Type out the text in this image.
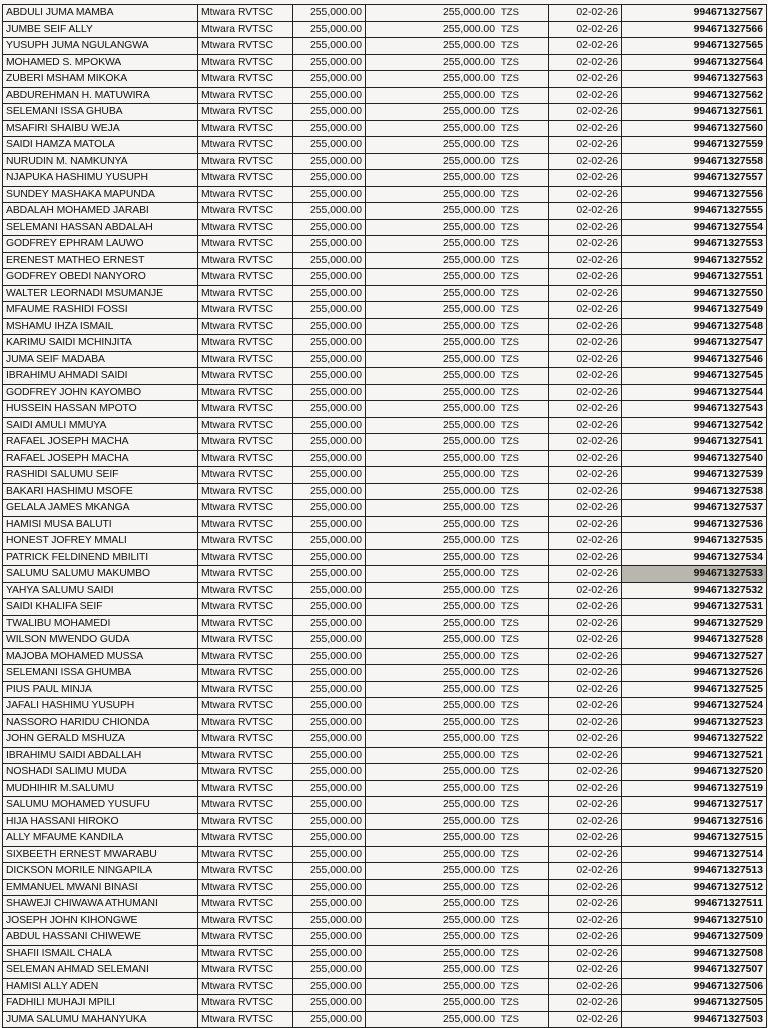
ABDULI JUMA MAMBA	Mtwara RVTSC	255,000.00	255,000.00	TZS	02-02-26	994671327567
JUMBE SEIF ALLY	Mtwara RVTSC	255,000.00	255,000.00	TZS	02-02-26	994671327566
YUSUPH JUMA NGULANGWA	Mtwara RVTSC	255,000.00	255,000.00	TZS	02-02-26	994671327565
MOHAMED S. MPOKWA	Mtwara RVTSC	255,000.00	255,000.00	TZS	02-02-26	994671327564
ZUBERI MSHAM MIKOKA	Mtwara RVTSC	255,000.00	255,000.00	TZS	02-02-26	994671327563
ABDUREHMAN H. MATUWIRA	Mtwara RVTSC	255,000.00	255,000.00	TZS	02-02-26	994671327562
SELEMANI ISSA GHUBA	Mtwara RVTSC	255,000.00	255,000.00	TZS	02-02-26	994671327561
MSAFIRI SHAIBU WEJA	Mtwara RVTSC	255,000.00	255,000.00	TZS	02-02-26	994671327560
SAIDI HAMZA MATOLA	Mtwara RVTSC	255,000.00	255,000.00	TZS	02-02-26	994671327559
NURUDIN M. NAMKUNYA	Mtwara RVTSC	255,000.00	255,000.00	TZS	02-02-26	994671327558
NJAPUKA HASHIMU YUSUPH	Mtwara RVTSC	255,000.00	255,000.00	TZS	02-02-26	994671327557
SUNDEY MASHAKA MAPUNDA	Mtwara RVTSC	255,000.00	255,000.00	TZS	02-02-26	994671327556
ABDALAH MOHAMED JARABI	Mtwara RVTSC	255,000.00	255,000.00	TZS	02-02-26	994671327555
SELEMANI HASSAN ABDALAH	Mtwara RVTSC	255,000.00	255,000.00	TZS	02-02-26	994671327554
GODFREY EPHRAM LAUWO	Mtwara RVTSC	255,000.00	255,000.00	TZS	02-02-26	994671327553
ERENEST MATHEO ERNEST	Mtwara RVTSC	255,000.00	255,000.00	TZS	02-02-26	994671327552
GODFREY OBEDI NANYORO	Mtwara RVTSC	255,000.00	255,000.00	TZS	02-02-26	994671327551
WALTER LEORNADI MSUMANJE	Mtwara RVTSC	255,000.00	255,000.00	TZS	02-02-26	994671327550
MFAUME RASHIDI FOSSI	Mtwara RVTSC	255,000.00	255,000.00	TZS	02-02-26	994671327549
MSHAMU IHZA ISMAIL	Mtwara RVTSC	255,000.00	255,000.00	TZS	02-02-26	994671327548
KARIMU SAIDI MCHINJITA	Mtwara RVTSC	255,000.00	255,000.00	TZS	02-02-26	994671327547
JUMA SEIF MADABA	Mtwara RVTSC	255,000.00	255,000.00	TZS	02-02-26	994671327546
IBRAHIMU AHMADI SAIDI	Mtwara RVTSC	255,000.00	255,000.00	TZS	02-02-26	994671327545
GODFREY JOHN KAYOMBO	Mtwara RVTSC	255,000.00	255,000.00	TZS	02-02-26	994671327544
HUSSEIN HASSAN MPOTO	Mtwara RVTSC	255,000.00	255,000.00	TZS	02-02-26	994671327543
SAIDI AMULI MMUYA	Mtwara RVTSC	255,000.00	255,000.00	TZS	02-02-26	994671327542
RAFAEL JOSEPH MACHA	Mtwara RVTSC	255,000.00	255,000.00	TZS	02-02-26	994671327541
RAFAEL JOSEPH MACHA	Mtwara RVTSC	255,000.00	255,000.00	TZS	02-02-26	994671327540
RASHIDI SALUMU SEIF	Mtwara RVTSC	255,000.00	255,000.00	TZS	02-02-26	994671327539
BAKARI HASHIMU MSOFE	Mtwara RVTSC	255,000.00	255,000.00	TZS	02-02-26	994671327538
GELALA JAMES MKANGA	Mtwara RVTSC	255,000.00	255,000.00	TZS	02-02-26	994671327537
HAMISI MUSA BALUTI	Mtwara RVTSC	255,000.00	255,000.00	TZS	02-02-26	994671327536
HONEST JOFREY MMALI	Mtwara RVTSC	255,000.00	255,000.00	TZS	02-02-26	994671327535
PATRICK FELDINEND MBILITI	Mtwara RVTSC	255,000.00	255,000.00	TZS	02-02-26	994671327534
SALUMU SALUMU MAKUMBO	Mtwara RVTSC	255,000.00	255,000.00	TZS	02-02-26	994671327533
YAHYA SALUMU SAIDI	Mtwara RVTSC	255,000.00	255,000.00	TZS	02-02-26	994671327532
SAIDI KHALIFA SEIF	Mtwara RVTSC	255,000.00	255,000.00	TZS	02-02-26	994671327531
TWALIBU MOHAMEDI	Mtwara RVTSC	255,000.00	255,000.00	TZS	02-02-26	994671327529
WILSON MWENDO GUDA	Mtwara RVTSC	255,000.00	255,000.00	TZS	02-02-26	994671327528
MAJOBA MOHAMED MUSSA	Mtwara RVTSC	255,000.00	255,000.00	TZS	02-02-26	994671327527
SELEMANI ISSA GHUMBA	Mtwara RVTSC	255,000.00	255,000.00	TZS	02-02-26	994671327526
PIUS PAUL MINJA	Mtwara RVTSC	255,000.00	255,000.00	TZS	02-02-26	994671327525
JAFALI HASHIMU YUSUPH	Mtwara RVTSC	255,000.00	255,000.00	TZS	02-02-26	994671327524
NASSORO HARIDU CHIONDA	Mtwara RVTSC	255,000.00	255,000.00	TZS	02-02-26	994671327523
JOHN GERALD MSHUZA	Mtwara RVTSC	255,000.00	255,000.00	TZS	02-02-26	994671327522
IBRAHIMU SAIDI ABDALLAH	Mtwara RVTSC	255,000.00	255,000.00	TZS	02-02-26	994671327521
NOSHADI SALIMU MUDA	Mtwara RVTSC	255,000.00	255,000.00	TZS	02-02-26	994671327520
MUDHIHIR M.SALUMU	Mtwara RVTSC	255,000.00	255,000.00	TZS	02-02-26	994671327519
SALUMU MOHAMED YUSUFU	Mtwara RVTSC	255,000.00	255,000.00	TZS	02-02-26	994671327517
HIJA HASSANI HIROKO	Mtwara RVTSC	255,000.00	255,000.00	TZS	02-02-26	994671327516
ALLY MFAUME KANDILA	Mtwara RVTSC	255,000.00	255,000.00	TZS	02-02-26	994671327515
SIXBEETH ERNEST MWARABU	Mtwara RVTSC	255,000.00	255,000.00	TZS	02-02-26	994671327514
DICKSON MORILE NINGAPILA	Mtwara RVTSC	255,000.00	255,000.00	TZS	02-02-26	994671327513
EMMANUEL MWANI BINASI	Mtwara RVTSC	255,000.00	255,000.00	TZS	02-02-26	994671327512
SHAWEJI CHIWAWA ATHUMANI	Mtwara RVTSC	255,000.00	255,000.00	TZS	02-02-26	994671327511
JOSEPH JOHN KIHONGWE	Mtwara RVTSC	255,000.00	255,000.00	TZS	02-02-26	994671327510
ABDUL HASSANI CHIWEWE	Mtwara RVTSC	255,000.00	255,000.00	TZS	02-02-26	994671327509
SHAFII ISMAIL CHALA	Mtwara RVTSC	255,000.00	255,000.00	TZS	02-02-26	994671327508
SELEMAN AHMAD SELEMANI	Mtwara RVTSC	255,000.00	255,000.00	TZS	02-02-26	994671327507
HAMISI ALLY ADEN	Mtwara RVTSC	255,000.00	255,000.00	TZS	02-02-26	994671327506
FADHILI MUHAJI MPILI	Mtwara RVTSC	255,000.00	255,000.00	TZS	02-02-26	994671327505
JUMA SALUMU MAHANYUKA	Mtwara RVTSC	255,000.00	255,000.00	TZS	02-02-26	994671327503
